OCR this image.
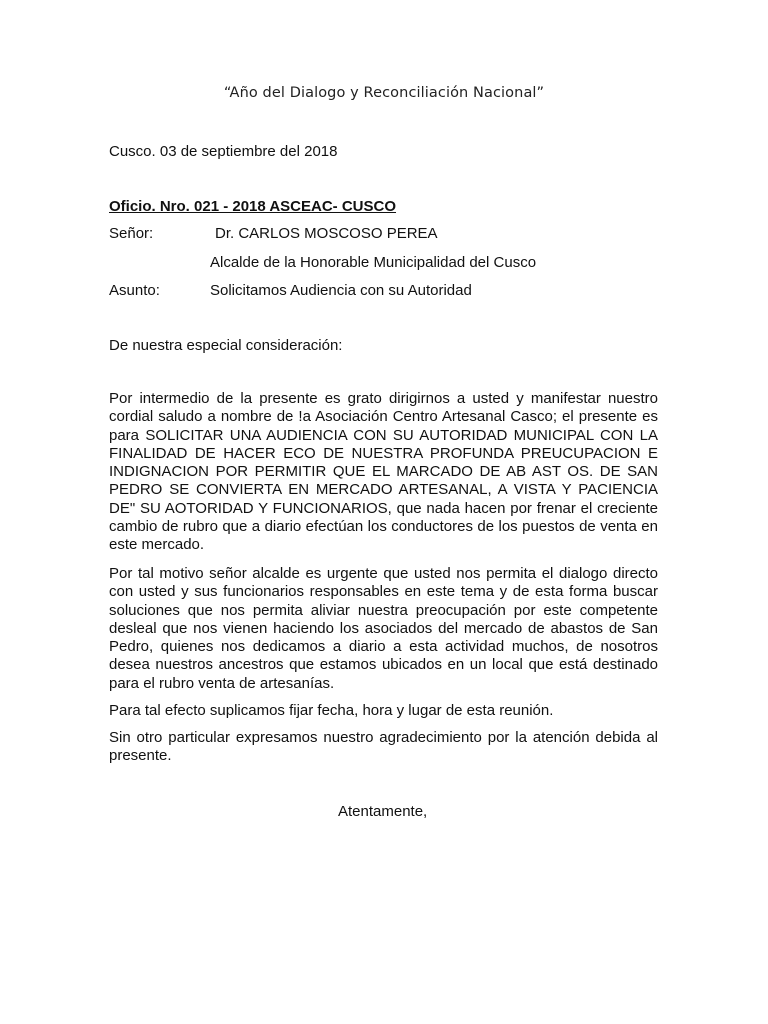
“Año del Dialogo y Reconciliación Nacional”
Cusco. 03 de septiembre del 2018
Oficio. Nro. 021 - 2018 ASCEAC- CUSCO
Señor:	Dr. CARLOS MOSCOSO PEREA
Alcalde de la Honorable Municipalidad del Cusco
Asunto:	Solicitamos Audiencia con su Autoridad
De nuestra especial consideración:
Por intermedio de la presente es grato dirigirnos a usted y manifestar nuestro cordial saludo a nombre de !a Asociación Centro Artesanal Casco; el presente es para SOLICITAR UNA AUDIENCIA CON SU AUTORIDAD MUNICIPAL CON LA FINALIDAD DE HACER ECO DE NUESTRA PROFUNDA PREUCUPACION E INDIGNACION POR PERMITIR QUE EL MARCADO DE AB AST OS. DE SAN PEDRO SE CONVIERTA EN MERCADO ARTESANAL, A VISTA Y PACIENCIA DE" SU AOTORIDAD Y FUNCIONARIOS, que nada hacen por frenar el creciente cambio de rubro que a diario efectúan los conductores de los puestos de venta en este mercado.
Por tal motivo señor alcalde es urgente que usted nos permita el dialogo directo con usted y sus funcionarios responsables en este tema y de esta forma buscar soluciones que nos permita aliviar nuestra preocupación por este competente desleal que nos vienen haciendo los asociados del mercado de abastos de San Pedro, quienes nos dedicamos a diario a esta actividad muchos, de nosotros desea nuestros ancestros que estamos ubicados en un local que está destinado para el rubro venta de artesanías.
Para tal efecto suplicamos fijar fecha, hora y lugar de esta reunión.
Sin otro particular expresamos nuestro agradecimiento por la atención debida al presente.
Atentamente,
